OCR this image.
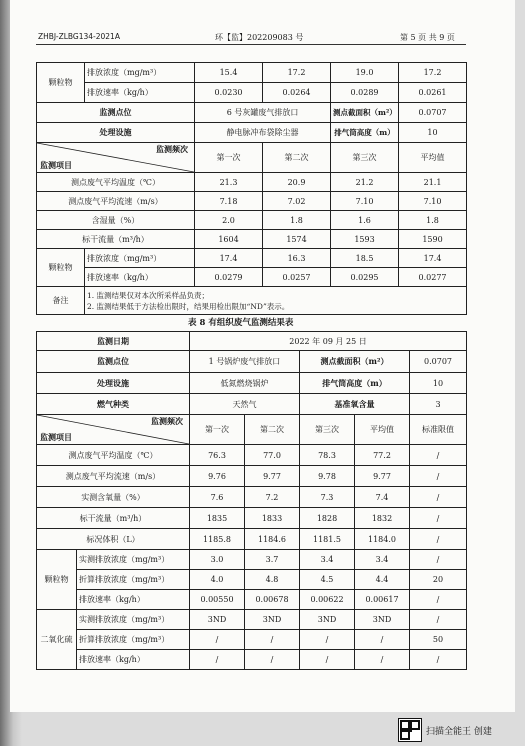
ZHBJ-ZLBG134-2021A	环【监】202209083 号	第 5 页 共 9 页
颗粒物	排放浓度（mg/m³）	15.4	17.2	19.0	17.2
	排放速率（kg/h）	0.0230	0.0264	0.0289	0.0261
监测点位		6 号灰罐废气排放口		测点截面积（m²）	0.0707
处理设施		静电脉冲布袋除尘器		排气筒高度（m）	10

监测频次
监测项目		第一次	第二次	第三次	平均值
测点废气平均温度（℃）		21.3	20.9	21.2	21.1
测点废气平均流速（m/s）		7.18	7.02	7.10	7.10
含湿量（%）		2.0	1.8	1.6	1.8
标干流量（m³/h）		1604	1574	1593	1590
颗粒物	排放浓度（mg/m³）	17.4	16.3	18.5	17.4
	排放速率（kg/h）	0.0279	0.0257	0.0295	0.0277
备注	1. 监测结果仅对本次所采样品负责；
2. 监测结果低于方法检出限时，结果用检出限加“ND”表示。				
表 8 有组织废气监测结果表
监测日期		2022 年 09 月 25 日				
监测点位		1 号锅炉废气排放口		测点截面积（m²）		0.0707
处理设施		低氮燃烧锅炉		排气筒高度（m）		10
燃气种类		天然气		基准氧含量		3

监测频次
监测项目		第一次	第二次	第三次	平均值	标准限值
测点废气平均温度（℃）		76.3	77.0	78.3	77.2	/
测点废气平均流速（m/s）		9.76	9.77	9.78	9.77	/
实测含氧量（%）		7.6	7.2	7.3	7.4	/
标干流量（m³/h）		1835	1833	1828	1832	/
标况体积（L）		1185.8	1184.6	1181.5	1184.0	/
颗粒物	实测排放浓度（mg/m³）	3.0	3.7	3.4	3.4	/
	折算排放浓度（mg/m³）	4.0	4.8	4.5	4.4	20
	排放速率（kg/h）	0.00550	0.00678	0.00622	0.00617	/
二氧化硫	实测排放浓度（mg/m³）	3ND	3ND	3ND	3ND	/
	折算排放浓度（mg/m³）	/	/	/	/	50
	排放速率（kg/h）	/	/	/	/	/
扫描全能王 创建
